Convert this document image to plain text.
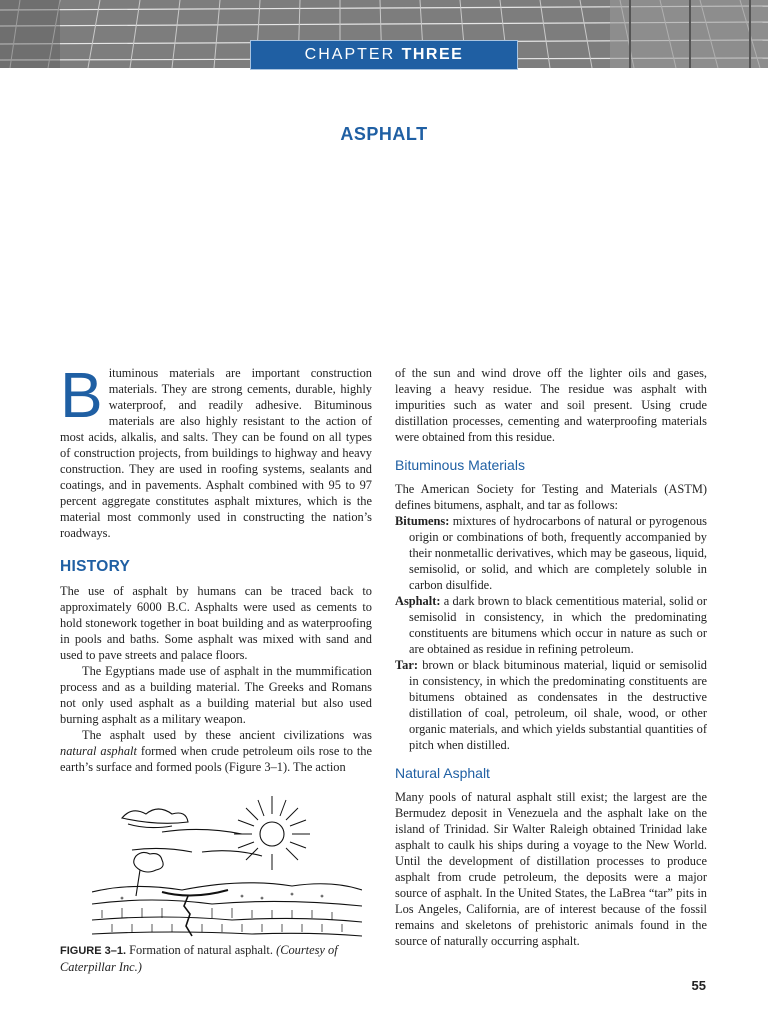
CHAPTER THREE
ASPHALT

Bituminous materials are important construction materials. They are strong cements, durable, highly waterproof, and readily adhesive. Bituminous materials are also highly resistant to the action of most acids, alkalis, and salts. They can be found on all types of construction projects, from buildings to highway and heavy construction. They are used in roofing systems, sealants and coatings, and in pavements. Asphalt combined with 95 to 97 percent aggregate constitutes asphalt mixtures, which is the material most commonly used in constructing the nation’s roadways.

HISTORY

The use of asphalt by humans can be traced back to approximately 6000 B.C. Asphalts were used as cements to hold stonework together in boat building and as waterproofing in pools and baths. Some asphalt was mixed with sand and used to pave streets and palace floors.

The Egyptians made use of asphalt in the mummification process and as a building material. The Greeks and Romans not only used asphalt as a building material but also used burning asphalt as a military weapon.

The asphalt used by these ancient civilizations was natural asphalt formed when crude petroleum oils rose to the earth’s surface and formed pools (Figure 3–1). The action

FIGURE 3–1. Formation of natural asphalt. (Courtesy of Caterpillar Inc.)

of the sun and wind drove off the lighter oils and gases, leaving a heavy residue. The residue was asphalt with impurities such as water and soil present. Using crude distillation processes, cementing and waterproofing materials were obtained from this residue.

Bituminous Materials

The American Society for Testing and Materials (ASTM) defines bitumens, asphalt, and tar as follows:

Bitumens: mixtures of hydrocarbons of natural or pyrogenous origin or combinations of both, frequently accompanied by their nonmetallic derivatives, which may be gaseous, liquid, semisolid, or solid, and which are completely soluble in carbon disulfide.

Asphalt: a dark brown to black cementitious material, solid or semisolid in consistency, in which the predominating constituents are bitumens which occur in nature as such or are obtained as residue in refining petroleum.

Tar: brown or black bituminous material, liquid or semisolid in consistency, in which the predominating constituents are bitumens obtained as condensates in the destructive distillation of coal, petroleum, oil shale, wood, or other organic materials, and which yields substantial quantities of pitch when distilled.

Natural Asphalt

Many pools of natural asphalt still exist; the largest are the Bermudez deposit in Venezuela and the asphalt lake on the island of Trinidad. Sir Walter Raleigh obtained Trinidad lake asphalt to caulk his ships during a voyage to the New World. Until the development of distillation processes to produce asphalt from crude petroleum, the deposits were a major source of asphalt. In the United States, the LaBrea “tar” pits in Los Angeles, California, are of interest because of the fossil remains and skeletons of prehistoric animals found in the source of naturally occurring asphalt.

55
